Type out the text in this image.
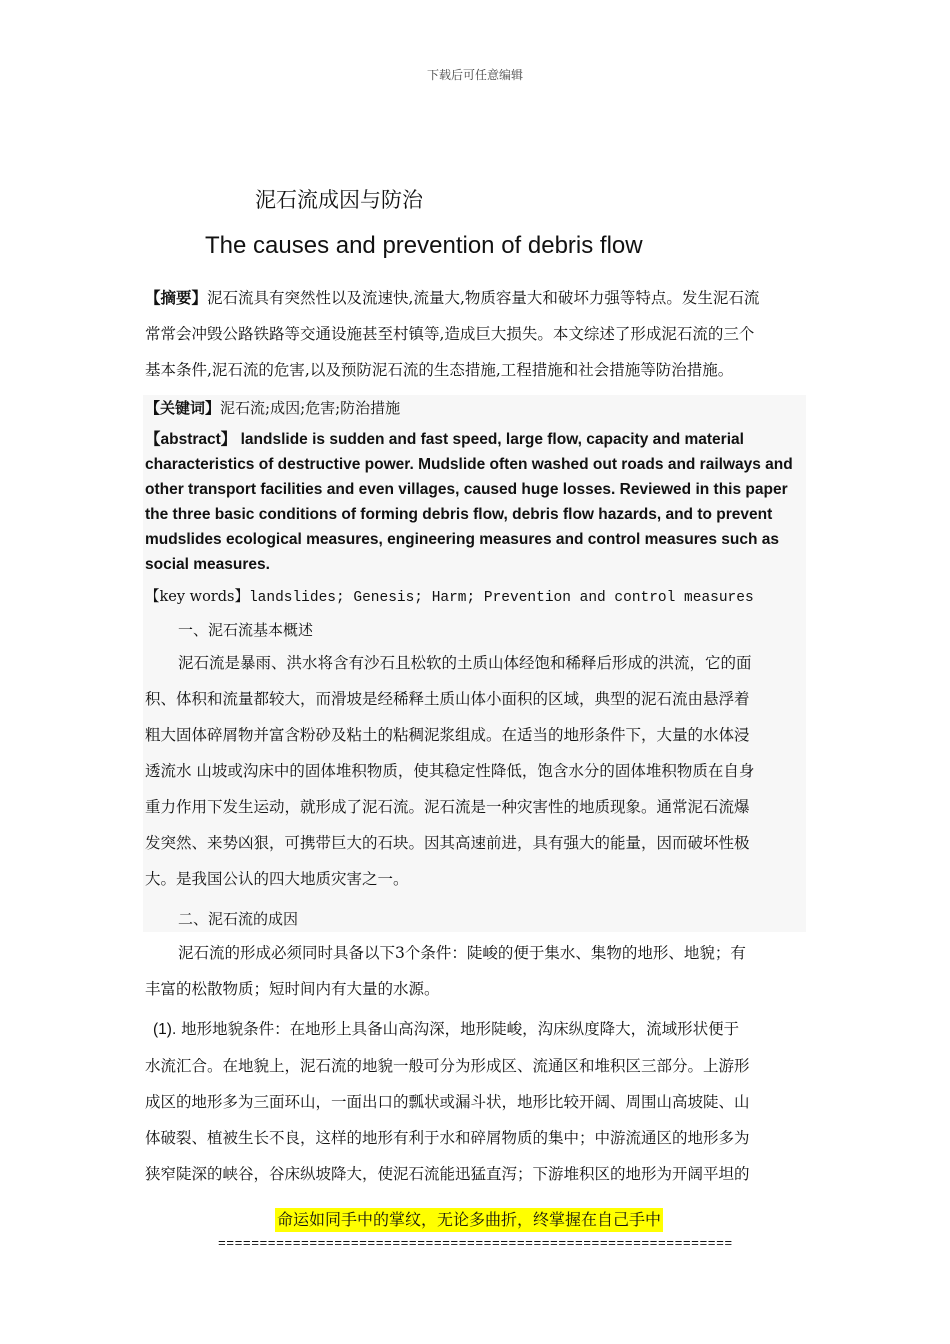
下载后可任意编辑
泥石流成因与防治
The causes and prevention of debris flow
【摘要】泥石流具有突然性以及流速快,流量大,物质容量大和破坏力强等特点。发生泥石流
常常会冲毁公路铁路等交通设施甚至村镇等,造成巨大损失。本文综述了形成泥石流的三个
基本条件,泥石流的危害,以及预防泥石流的生态措施,工程措施和社会措施等防治措施。
【关键词】泥石流;成因;危害;防治措施
【abstract】 landslide is sudden and fast speed, large flow, capacity and material
characteristics of destructive power. Mudslide often washed out roads and railways and
other transport facilities and even villages, caused huge losses. Reviewed in this paper
the three basic conditions of forming debris flow, debris flow hazards, and to prevent
mudslides ecological measures, engineering measures and control measures such as
social measures.
【key words】landslides; Genesis; Harm; Prevention and control measures
一、泥石流基本概述
泥石流是暴雨、洪水将含有沙石且松软的土质山体经饱和稀释后形成的洪流，它的面
积、体积和流量都较大，而滑坡是经稀释土质山体小面积的区域，典型的泥石流由悬浮着
粗大固体碎屑物并富含粉砂及粘土的粘稠泥浆组成。在适当的地形条件下，大量的水体浸
透流水 山坡或沟床中的固体堆积物质，使其稳定性降低，饱含水分的固体堆积物质在自身
重力作用下发生运动，就形成了泥石流。泥石流是一种灾害性的地质现象。通常泥石流爆
发突然、来势凶狠，可携带巨大的石块。因其高速前进，具有强大的能量，因而破坏性极
大。是我国公认的四大地质灾害之一。
二、泥石流的成因
泥石流的形成必须同时具备以下3个条件：陡峻的便于集水、集物的地形、地貌；有
丰富的松散物质；短时间内有大量的水源。
(1). 地形地貌条件：在地形上具备山高沟深，地形陡峻，沟床纵度降大，流域形状便于
水流汇合。在地貌上，泥石流的地貌一般可分为形成区、流通区和堆积区三部分。上游形
成区的地形多为三面环山，一面出口的瓢状或漏斗状，地形比较开阔、周围山高坡陡、山
体破裂、植被生长不良，这样的地形有利于水和碎屑物质的集中；中游流通区的地形多为
狭窄陡深的峡谷，谷床纵坡降大，使泥石流能迅猛直泻；下游堆积区的地形为开阔平坦的
命运如同手中的掌纹，无论多曲折，终掌握在自己手中
==============================================================
